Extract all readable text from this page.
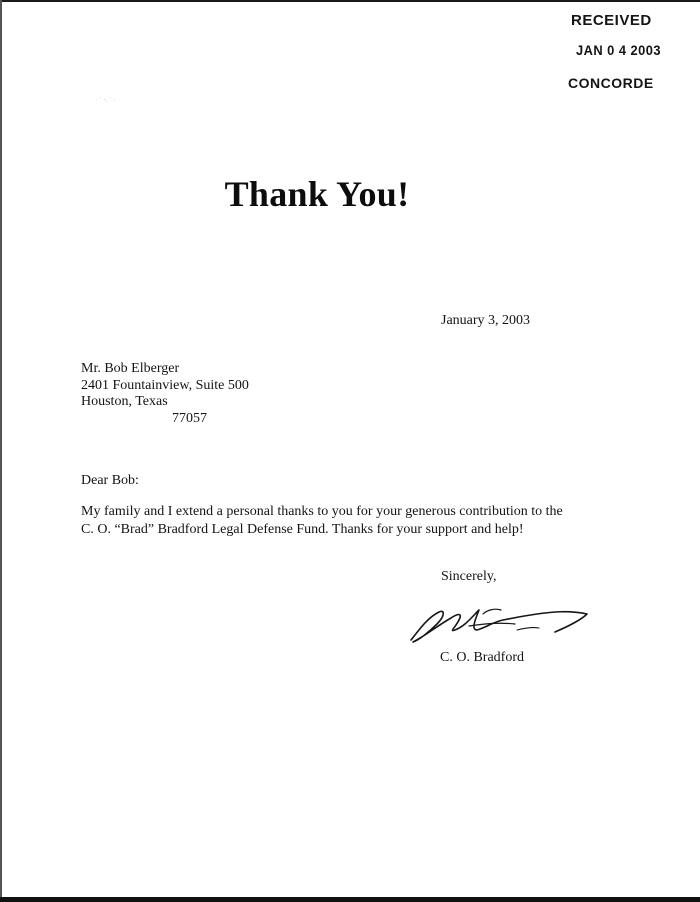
RECEIVED
JAN 0 4 2003
CONCORDE
· ˙ ·. ˙ ·
Thank You!
January 3, 2003
Mr. Bob Elberger
2401 Fountainview, Suite 500
Houston, Texas
77057
Dear Bob:
My family and I extend a personal thanks to you for your generous contribution to the
C. O. “Brad” Bradford Legal Defense Fund. Thanks for your support and help!
Sincerely,
C. O. Bradford
